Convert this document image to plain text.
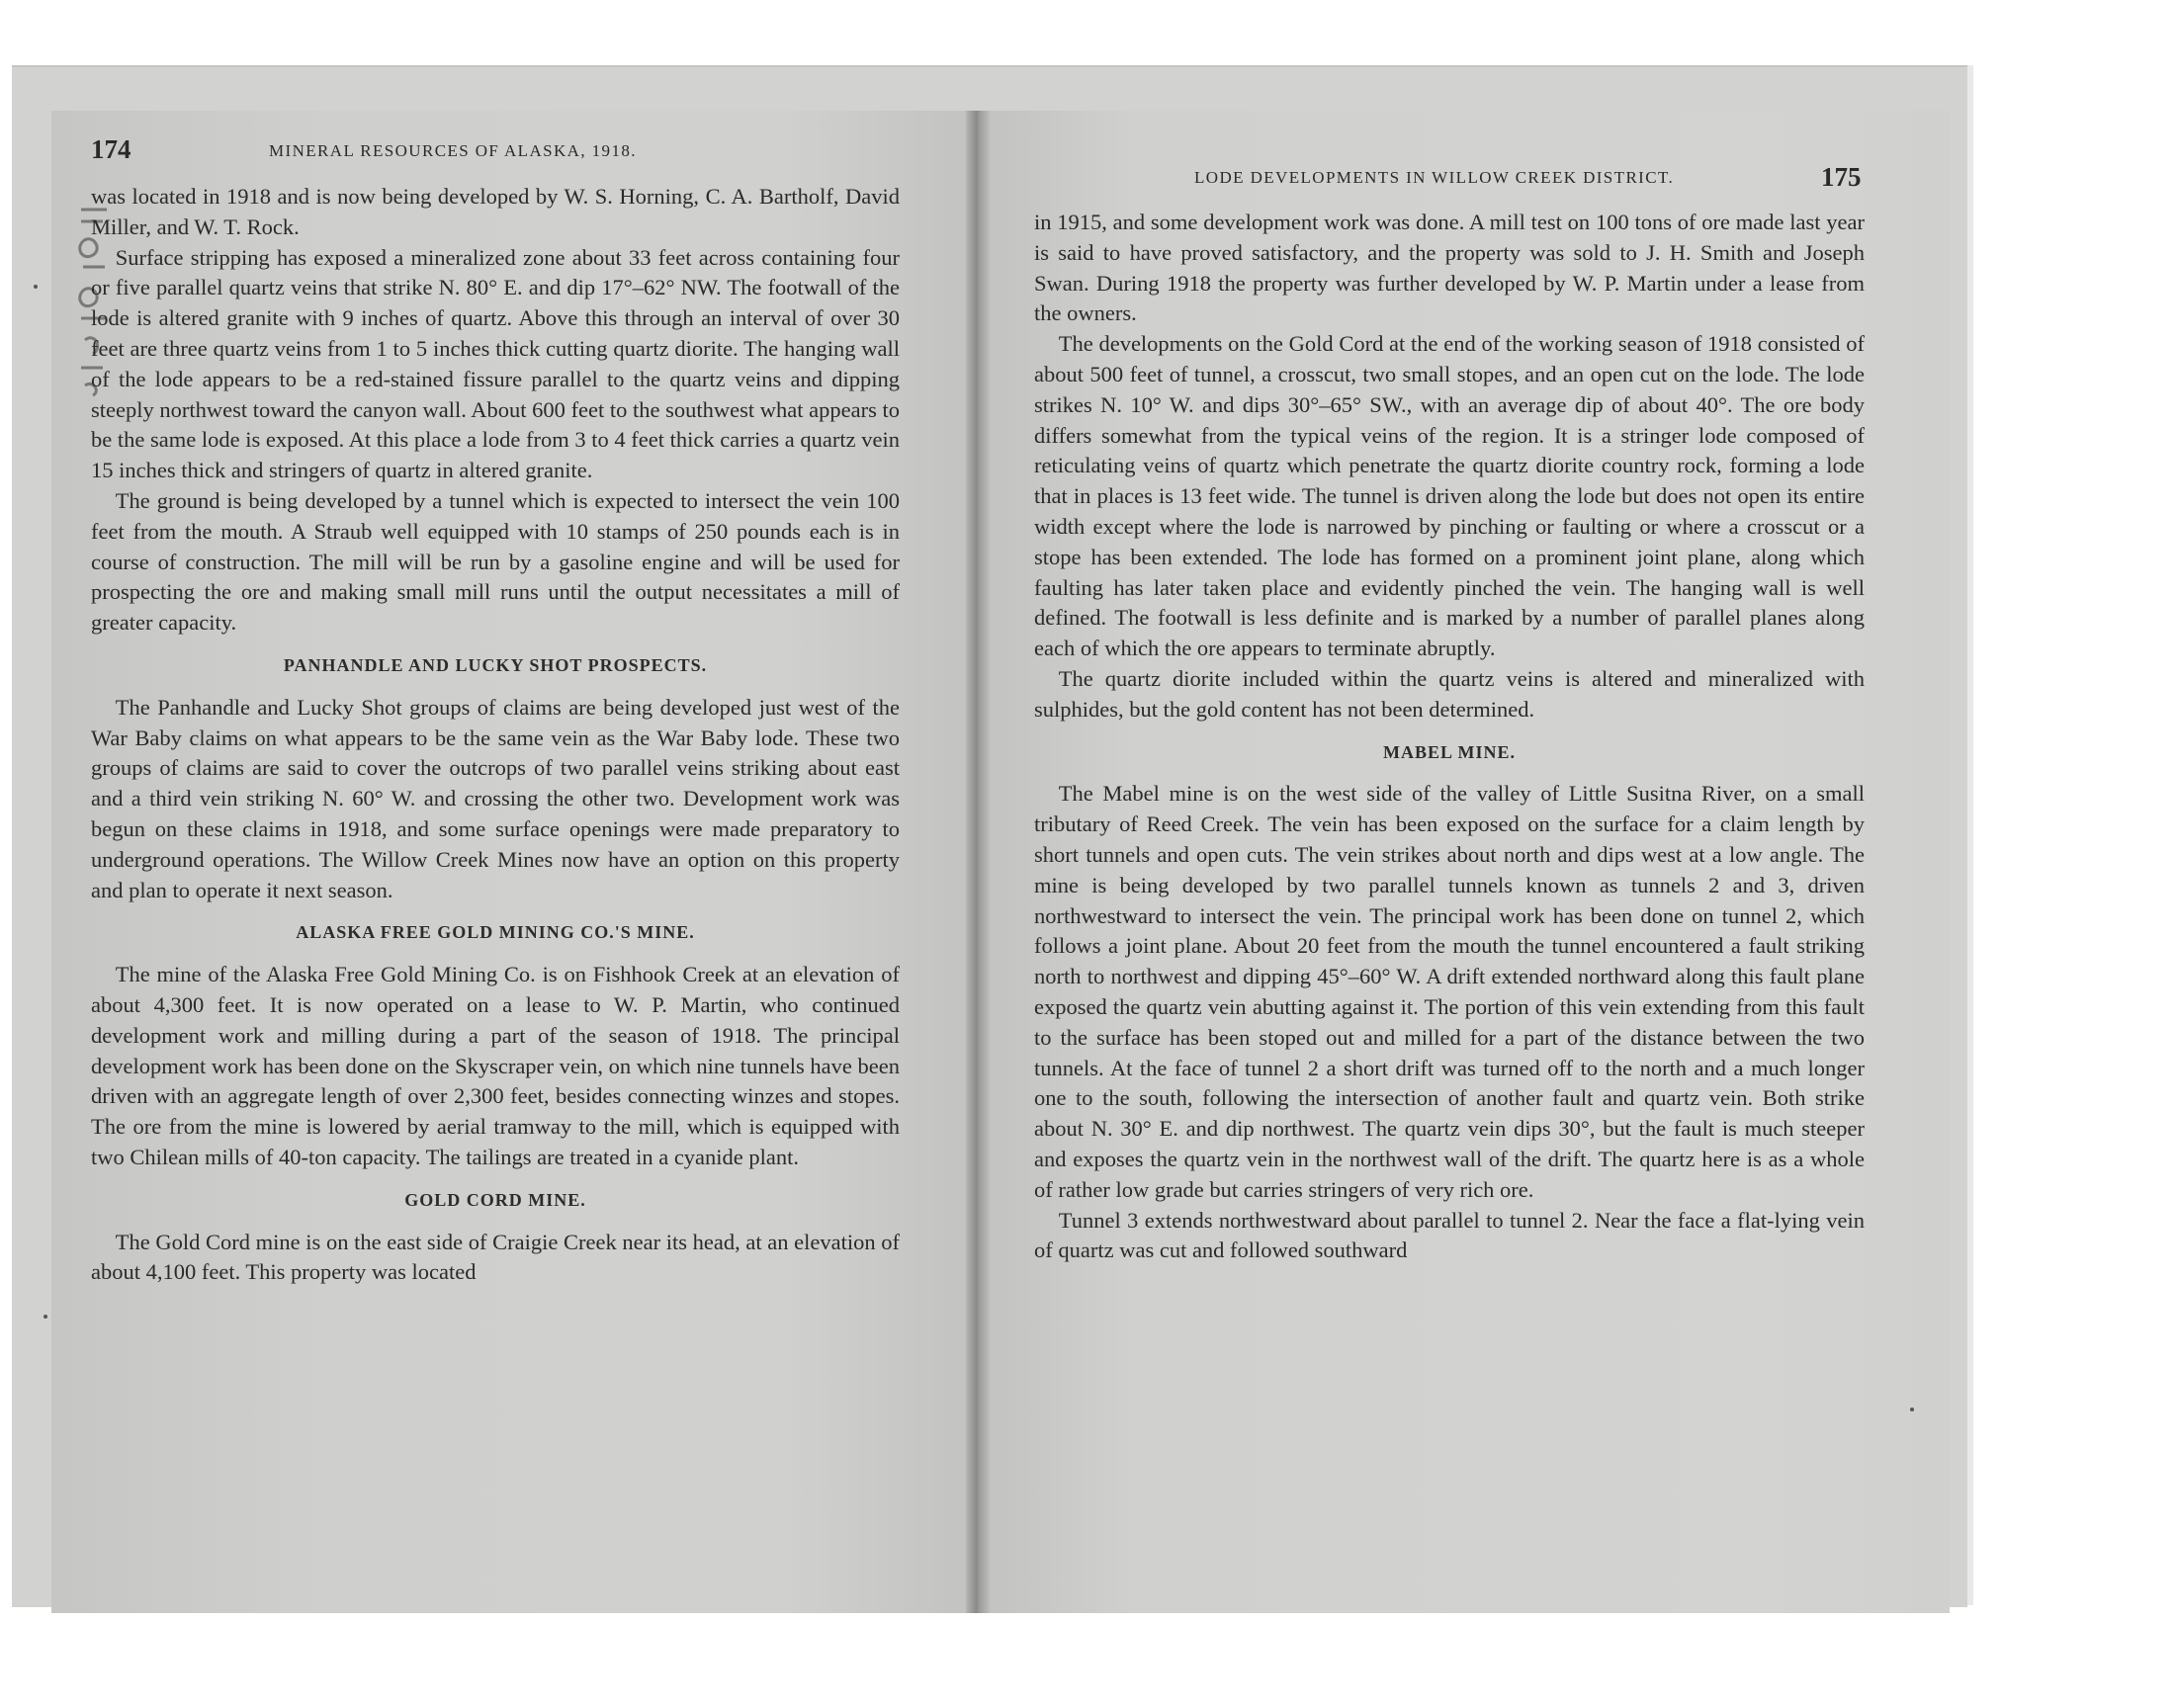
174	MINERAL RESOURCES OF ALASKA, 1918.

was located in 1918 and is now being developed by W. S. Horning, C. A. Bartholf, David Miller, and W. T. Rock.

Surface stripping has exposed a mineralized zone about 33 feet across containing four or five parallel quartz veins that strike N. 80° E. and dip 17°–62° NW. The footwall of the lode is altered granite with 9 inches of quartz. Above this through an interval of over 30 feet are three quartz veins from 1 to 5 inches thick cutting quartz diorite. The hanging wall of the lode appears to be a red-stained fissure parallel to the quartz veins and dipping steeply northwest toward the canyon wall. About 600 feet to the southwest what appears to be the same lode is exposed. At this place a lode from 3 to 4 feet thick carries a quartz vein 15 inches thick and stringers of quartz in altered granite.

The ground is being developed by a tunnel which is expected to intersect the vein 100 feet from the mouth. A Straub well equipped with 10 stamps of 250 pounds each is in course of construction. The mill will be run by a gasoline engine and will be used for prospecting the ore and making small mill runs until the output necessitates a mill of greater capacity.

PANHANDLE AND LUCKY SHOT PROSPECTS.

The Panhandle and Lucky Shot groups of claims are being developed just west of the War Baby claims on what appears to be the same vein as the War Baby lode. These two groups of claims are said to cover the outcrops of two parallel veins striking about east and a third vein striking N. 60° W. and crossing the other two. Development work was begun on these claims in 1918, and some surface openings were made preparatory to underground operations. The Willow Creek Mines now have an option on this property and plan to operate it next season.

ALASKA FREE GOLD MINING CO.'S MINE.

The mine of the Alaska Free Gold Mining Co. is on Fishhook Creek at an elevation of about 4,300 feet. It is now operated on a lease to W. P. Martin, who continued development work and milling during a part of the season of 1918. The principal development work has been done on the Skyscraper vein, on which nine tunnels have been driven with an aggregate length of over 2,300 feet, besides connecting winzes and stopes. The ore from the mine is lowered by aerial tramway to the mill, which is equipped with two Chilean mills of 40-ton capacity. The tailings are treated in a cyanide plant.

GOLD CORD MINE.

The Gold Cord mine is on the east side of Craigie Creek near its head, at an elevation of about 4,100 feet. This property was located

LODE DEVELOPMENTS IN WILLOW CREEK DISTRICT.	175

in 1915, and some development work was done. A mill test on 100 tons of ore made last year is said to have proved satisfactory, and the property was sold to J. H. Smith and Joseph Swan. During 1918 the property was further developed by W. P. Martin under a lease from the owners.

The developments on the Gold Cord at the end of the working season of 1918 consisted of about 500 feet of tunnel, a crosscut, two small stopes, and an open cut on the lode. The lode strikes N. 10° W. and dips 30°–65° SW., with an average dip of about 40°. The ore body differs somewhat from the typical veins of the region. It is a stringer lode composed of reticulating veins of quartz which penetrate the quartz diorite country rock, forming a lode that in places is 13 feet wide. The tunnel is driven along the lode but does not open its entire width except where the lode is narrowed by pinching or faulting or where a crosscut or a stope has been extended. The lode has formed on a prominent joint plane, along which faulting has later taken place and evidently pinched the vein. The hanging wall is well defined. The footwall is less definite and is marked by a number of parallel planes along each of which the ore appears to terminate abruptly.

The quartz diorite included within the quartz veins is altered and mineralized with sulphides, but the gold content has not been determined.

MABEL MINE.

The Mabel mine is on the west side of the valley of Little Susitna River, on a small tributary of Reed Creek. The vein has been exposed on the surface for a claim length by short tunnels and open cuts. The vein strikes about north and dips west at a low angle. The mine is being developed by two parallel tunnels known as tunnels 2 and 3, driven northwestward to intersect the vein. The principal work has been done on tunnel 2, which follows a joint plane. About 20 feet from the mouth the tunnel encountered a fault striking north to northwest and dipping 45°–60° W. A drift extended northward along this fault plane exposed the quartz vein abutting against it. The portion of this vein extending from this fault to the surface has been stoped out and milled for a part of the distance between the two tunnels. At the face of tunnel 2 a short drift was turned off to the north and a much longer one to the south, following the intersection of another fault and quartz vein. Both strike about N. 30° E. and dip northwest. The quartz vein dips 30°, but the fault is much steeper and exposes the quartz vein in the northwest wall of the drift. The quartz here is as a whole of rather low grade but carries stringers of very rich ore.

Tunnel 3 extends northwestward about parallel to tunnel 2. Near the face a flat-lying vein of quartz was cut and followed southward
